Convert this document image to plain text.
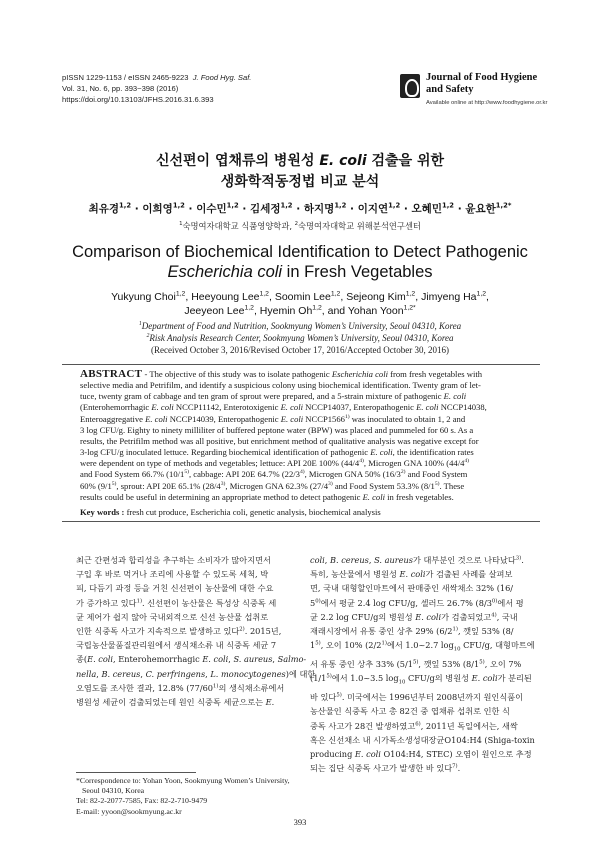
pISSN 1229-1153 / eISSN 2465-9223 J. Food Hyg. Saf.
Vol. 31, No. 6, pp. 393~398 (2016)
https://doi.org/10.13103/JFHS.2016.31.6.393
Journal of Food Hygiene
and Safety
Available online at http://www.foodhygiene.or.kr
신선편이 엽채류의 병원성 E. coli 검출을 위한
생화학적동정법 비교 분석
최유경$^{1,2}$ · 이희영$^{1,2}$ · 이수민$^{1,2}$ · 김세정$^{1,2}$ · 하지명$^{1,2}$ · 이지연$^{1,2}$ · 오혜민$^{1,2}$ · 윤요한$^{1,2*}$
$^1$숙명여자대학교 식품영양학과, $^2$숙명여자대학교 위해분석연구센터
Comparison of Biochemical Identification to Detect Pathogenic
Escherichia coli in Fresh Vegetables
Yukyung Choi$^{1,2}$, Heeyoung Lee$^{1,2}$, Soomin Lee$^{1,2}$, Sejeong Kim$^{1,2}$, Jimyeng Ha$^{1,2}$,
Jeeyeon Lee$^{1,2}$, Hyemin Oh$^{1,2}$, and Yohan Yoon$^{1,2*}$
$^1$Department of Food and Nutrition, Sookmyung Women’s University, Seoul 04310, Korea
$^2$Risk Analysis Research Center, Sookmyung Women’s University, Seoul 04310, Korea
(Received October 3, 2016/Revised October 17, 2016/Accepted October 30, 2016)
ABSTRACT - The objective of this study was to isolate pathogenic Escherichia coli from fresh vegetables with
selective media and Petrifilm, and identify a suspicious colony using biochemical identification. Twenty gram of let-
tuce, twenty gram of cabbage and ten gram of sprout were prepared, and a 5-strain mixture of pathogenic E. coli
(Enterohemorrhagic E. coli NCCP11142, Enterotoxigenic E. coli NCCP14037, Enteropathogenic E. coli NCCP14038,
Enteroaggregative E. coli NCCP14039, Enteropathogenic E. coli NCCP1566$^{1)}$ was inoculated to obtain 1, 2 and
3 log CFU/g. Eighty to ninety milliliter of buffered peptone water (BPW) was placed and pummeled for 60 s. As a
results, the Petrifilm method was all positive, but enrichment method of qualitative analysis was negative except for
3-log CFU/g inoculated lettuce. Regarding biochemical identification of pathogenic E. coli, the identification rates
were dependent on type of methods and vegetables; lettuce: API 20E 100% (44/4$^{4)}$, Microgen GNA 100% (44/4$^{4)}$
and Food System 66.7% (10/1$^{5)}$, cabbage: API 20E 64.7% (22/3$^{4)}$, Microgen GNA 50% (16/3$^{2)}$ and Food System
60% (9/1$^{5)}$, sprout: API 20E 65.1% (28/4$^{3)}$, Microgen GNA 62.3% (27/4$^{3)}$ and Food System 53.3% (8/1$^{5)}$. These
results could be useful in determining an appropriate method to detect pathogenic E. coli in fresh vegetables.
Key words : fresh cut produce, Escherichia coli, genetic analysis, biochemical analysis
최근 간편성과 합리성을 추구하는 소비자가 많아지면서
구입 후 바로 먹거나 조리에 사용할 수 있도록 세척, 박
피, 다듬기 과정 등을 거친 신선편이 농산물에 대한 수요
가 증가하고 있다$^{1)}$. 신선편이 농산물은 특성상 식중독 세
균 제어가 쉽지 않아 국내외적으로 신선 농산물 섭취로
인한 식중독 사고가 지속적으로 발생하고 있다$^{2)}$. 2015년,
국립농산물품질관리원에서 생식채소류 내 식중독 세균 7
종(E. coli, Enterohemorrhagic E. coli, S. aureus, Salmo-
nella, B. cereus, C. perfringens, L. monocytogenes)에 대한
오염도를 조사한 결과, 12.8% (77/60$^{1)}$의 생식채소류에서
병원성 세균이 검출되었는데 원인 식중독 세균으로는 E.
coli, B. cereus, S. aureus가 대부분인 것으로 나타났다$^{3)}$.
특히, 농산물에서 병원성 E. coli가 검출된 사례를 살펴보
면, 국내 대형할인마트에서 판매중인 새싹채소 32% (16/
5$^{0)}$에서 평균 2.4 log CFU/g, 셀러드 26.7% (8/3$^{0)}$에서 평
균 2.2 log CFU/g의 병원성 E. coli가 검출되었고$^{4)}$, 국내
재래시장에서 유통 중인 상추 29% (6/2$^{1)}$, 깻잎 53% (8/
1$^{5)}$, 오이 10% (2/2$^{1)}$에서 1.0~2.7 $\log_{10} CFU/g$, 대형마트에
서 유통 중인 상추 33% (5/1$^{5)}$, 깻잎 53% (8/1$^{5)}$, 오이 7%
(1/1$^{5)}$에서 1.0~3.5 $\log_{10} CFU/g$의 병원성 E. coli가 분리된
바 있다$^{5)}$. 미국에서는 1996년부터 2008년까지 원인식품이
농산물인 식중독 사고 총 82건 중 엽채류 섭취로 인한 식
중독 사고가 28건 발생하였고$^{6)}$, 2011년 독일에서는, 새싹
혹은 신선채소 내 시가독소생성대장균O104:H4 (Shiga-toxin
producing E. coli O104:H4, STEC) 오염이 원인으로 추정
되는 집단 식중독 사고가 발생한 바 있다$^{7)}$.
*Correspondence to: Yohan Yoon, Sookmyung Women’s University,
Seoul 04310, Korea
Tel: 82-2-2077-7585, Fax: 82-2-710-9479
E-mail: yyoon@sookmyung.ac.kr
393
